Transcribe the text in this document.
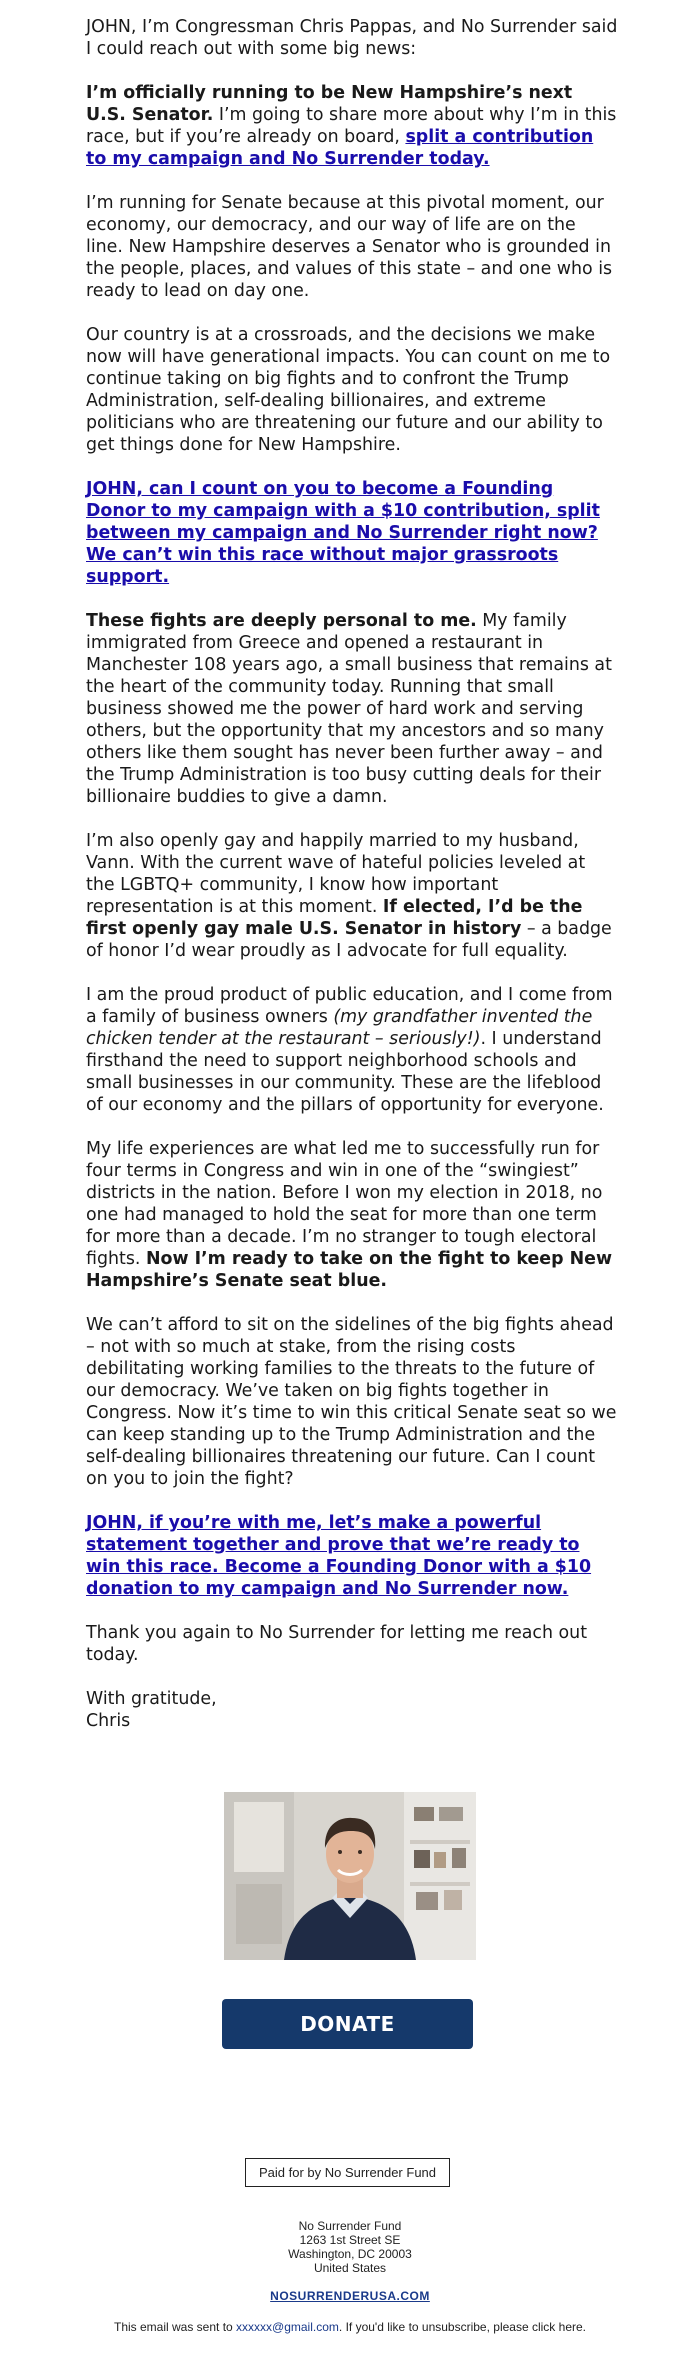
JOHN, I’m Congressman Chris Pappas, and No Surrender said I could reach out with some big news:

I’m officially running to be New Hampshire’s next U.S. Senator. I’m going to share more about why I’m in this race, but if you’re already on board, split a contribution to my campaign and No Surrender today.

I’m running for Senate because at this pivotal moment, our economy, our democracy, and our way of life are on the line. New Hampshire deserves a Senator who is grounded in the people, places, and values of this state – and one who is ready to lead on day one.

Our country is at a crossroads, and the decisions we make now will have generational impacts. You can count on me to continue taking on big fights and to confront the Trump Administration, self-dealing billionaires, and extreme politicians who are threatening our future and our ability to get things done for New Hampshire.

JOHN, can I count on you to become a Founding Donor to my campaign with a $10 contribution, split between my campaign and No Surrender right now? We can’t win this race without major grassroots support.

These fights are deeply personal to me. My family immigrated from Greece and opened a restaurant in Manchester 108 years ago, a small business that remains at the heart of the community today. Running that small business showed me the power of hard work and serving others, but the opportunity that my ancestors and so many others like them sought has never been further away – and the Trump Administration is too busy cutting deals for their billionaire buddies to give a damn.

I’m also openly gay and happily married to my husband, Vann. With the current wave of hateful policies leveled at the LGBTQ+ community, I know how important representation is at this moment. If elected, I’d be the first openly gay male U.S. Senator in history – a badge of honor I’d wear proudly as I advocate for full equality.

I am the proud product of public education, and I come from a family of business owners (my grandfather invented the chicken tender at the restaurant – seriously!). I understand firsthand the need to support neighborhood schools and small businesses in our community. These are the lifeblood of our economy and the pillars of opportunity for everyone.

My life experiences are what led me to successfully run for four terms in Congress and win in one of the “swingiest” districts in the nation. Before I won my election in 2018, no one had managed to hold the seat for more than one term for more than a decade. I’m no stranger to tough electoral fights. Now I’m ready to take on the fight to keep New Hampshire’s Senate seat blue.

We can’t afford to sit on the sidelines of the big fights ahead – not with so much at stake, from the rising costs debilitating working families to the threats to the future of our democracy. We’ve taken on big fights together in Congress. Now it’s time to win this critical Senate seat so we can keep standing up to the Trump Administration and the self-dealing billionaires threatening our future. Can I count on you to join the fight?

JOHN, if you’re with me, let’s make a powerful statement together and prove that we’re ready to win this race. Become a Founding Donor with a $10 donation to my campaign and No Surrender now.

Thank you again to No Surrender for letting me reach out today.

With gratitude,
Chris

DONATE
Paid for by No Surrender Fund
No Surrender Fund
1263 1st Street SE
Washington, DC 20003
United States
NOSURRENDERUSA.COM
This email was sent to xxxxxx@gmail.com. If you'd like to unsubscribe, please click here.
